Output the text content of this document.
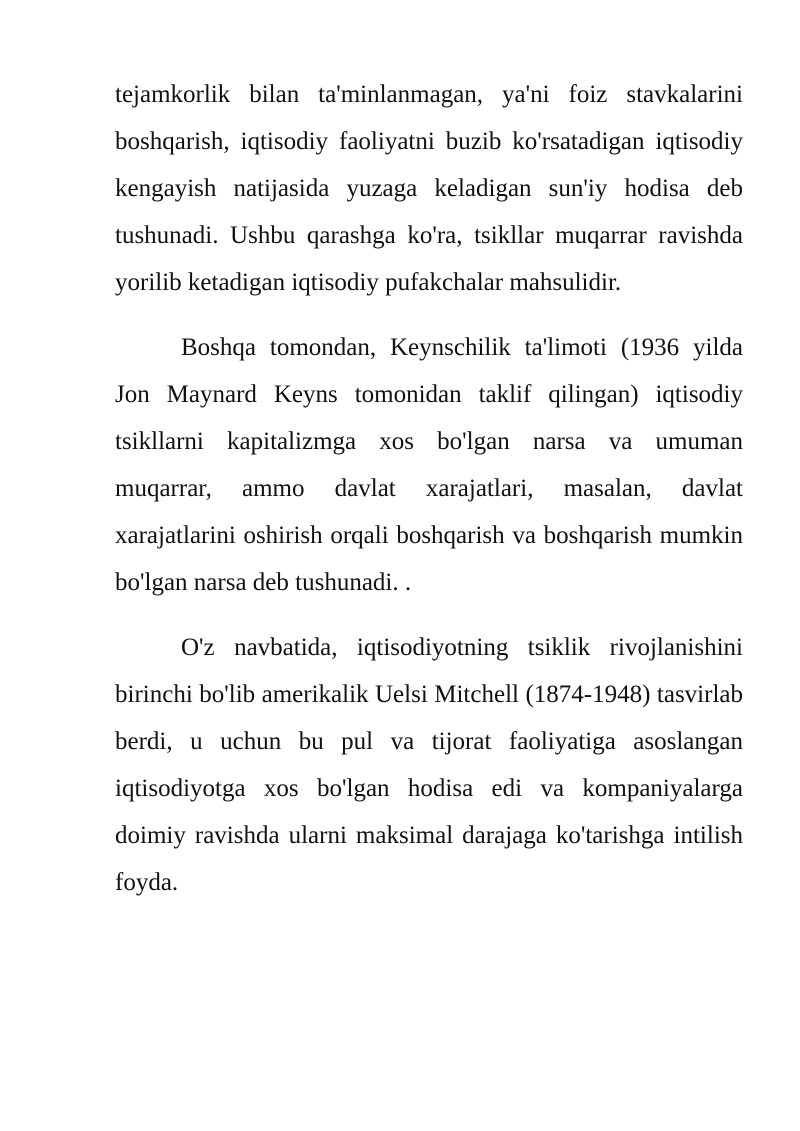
tejamkorlik bilan ta'minlanmagan, ya'ni foiz stavkalarini boshqarish, iqtisodiy faoliyatni buzib ko'rsatadigan iqtisodiy kengayish natijasida yuzaga keladigan sun'iy hodisa deb tushunadi. Ushbu qarashga ko'ra, tsikllar muqarrar ravishda yorilib ketadigan iqtisodiy pufakchalar mahsulidir.

Boshqa tomondan, Keynschilik ta'limoti (1936 yilda Jon Maynard Keyns tomonidan taklif qilingan) iqtisodiy tsikllarni kapitalizmga xos bo'lgan narsa va umuman muqarrar, ammo davlat xarajatlari, masalan, davlat xarajatlarini oshirish orqali boshqarish va boshqarish mumkin bo'lgan narsa deb tushunadi. .

O'z navbatida, iqtisodiyotning tsiklik rivojlanishini birinchi bo'lib amerikalik Uelsi Mitchell (1874-1948) tasvirlab berdi, u uchun bu pul va tijorat faoliyatiga asoslangan iqtisodiyotga xos bo'lgan hodisa edi va kompaniyalarga doimiy ravishda ularni maksimal darajaga ko'tarishga intilish foyda.
